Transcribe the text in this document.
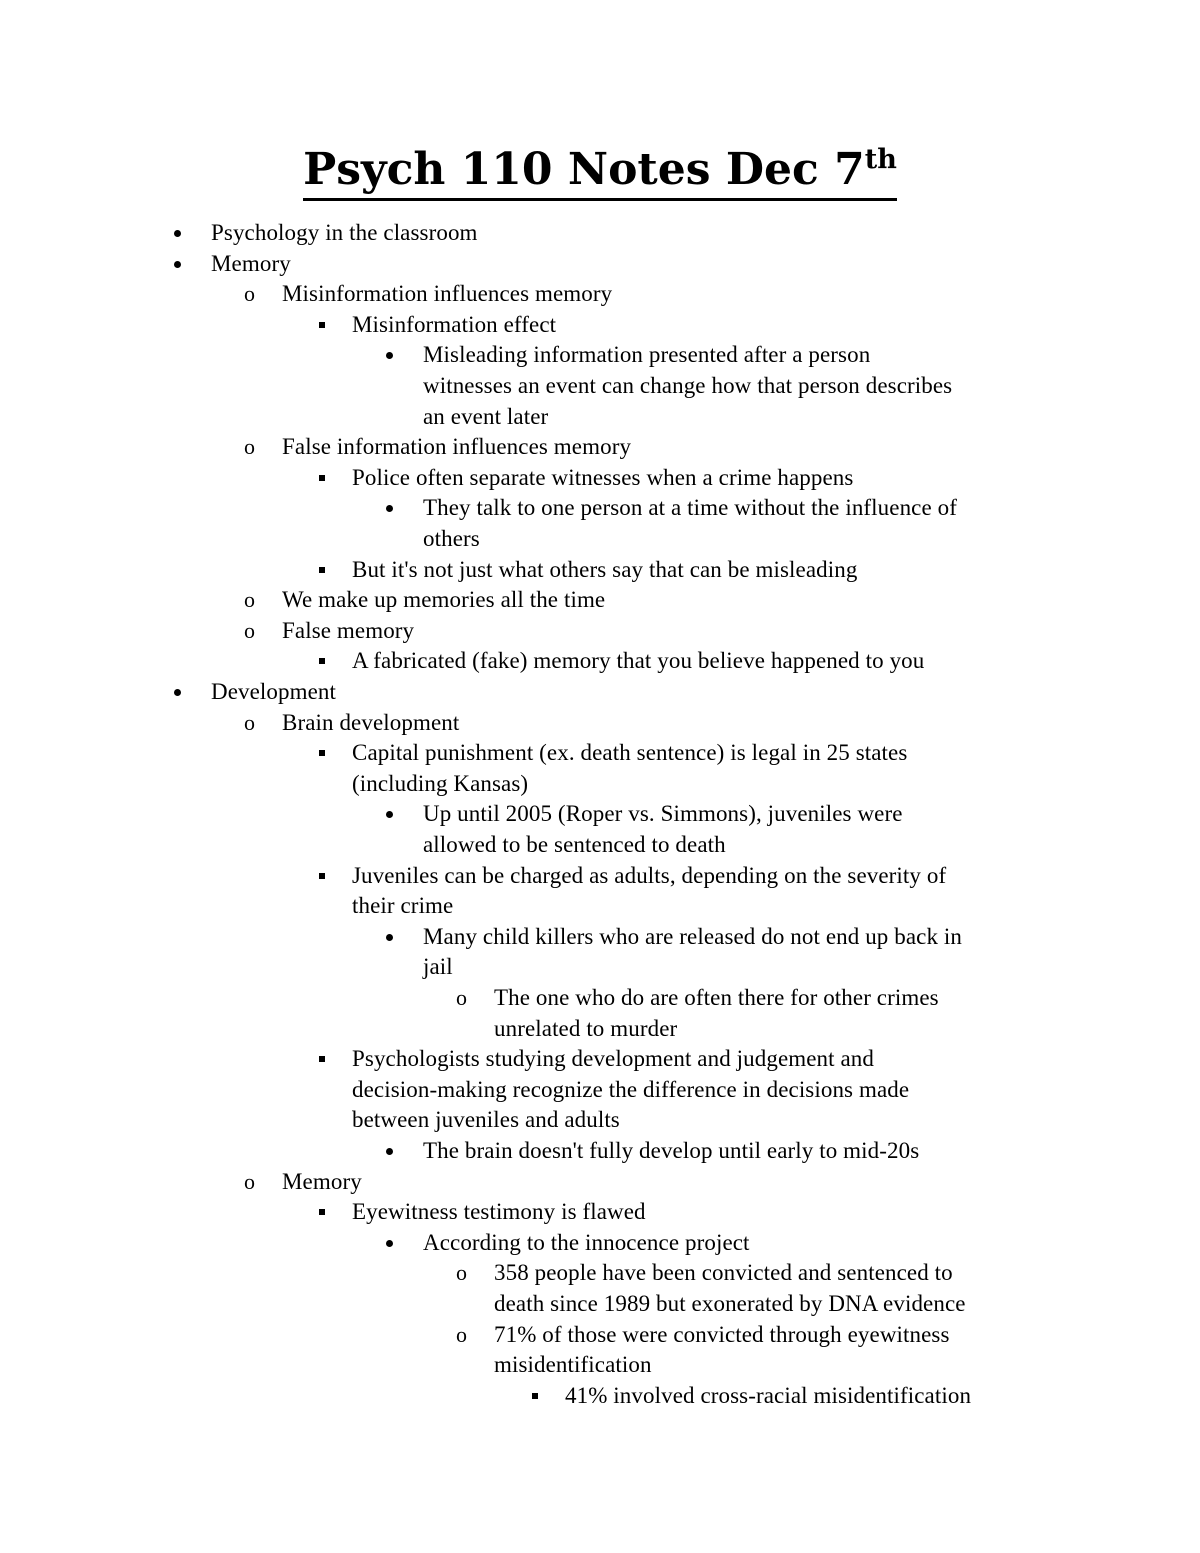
Psych 110 Notes Dec 7th
Psychology in the classroom
Memory
Misinformation influences memory
Misinformation effect
Misleading information presented after a person
witnesses an event can change how that person describes
an event later
False information influences memory
Police often separate witnesses when a crime happens
They talk to one person at a time without the influence of
others
But it's not just what others say that can be misleading
We make up memories all the time
False memory
A fabricated (fake) memory that you believe happened to you
Development
Brain development
Capital punishment (ex. death sentence) is legal in 25 states
(including Kansas)
Up until 2005 (Roper vs. Simmons), juveniles were
allowed to be sentenced to death
Juveniles can be charged as adults, depending on the severity of
their crime
Many child killers who are released do not end up back in
jail
The one who do are often there for other crimes
unrelated to murder
Psychologists studying development and judgement and
decision-making recognize the difference in decisions made
between juveniles and adults
The brain doesn't fully develop until early to mid-20s
Memory
Eyewitness testimony is flawed
According to the innocence project
358 people have been convicted and sentenced to
death since 1989 but exonerated by DNA evidence
71% of those were convicted through eyewitness
misidentification
41% involved cross-racial misidentification
